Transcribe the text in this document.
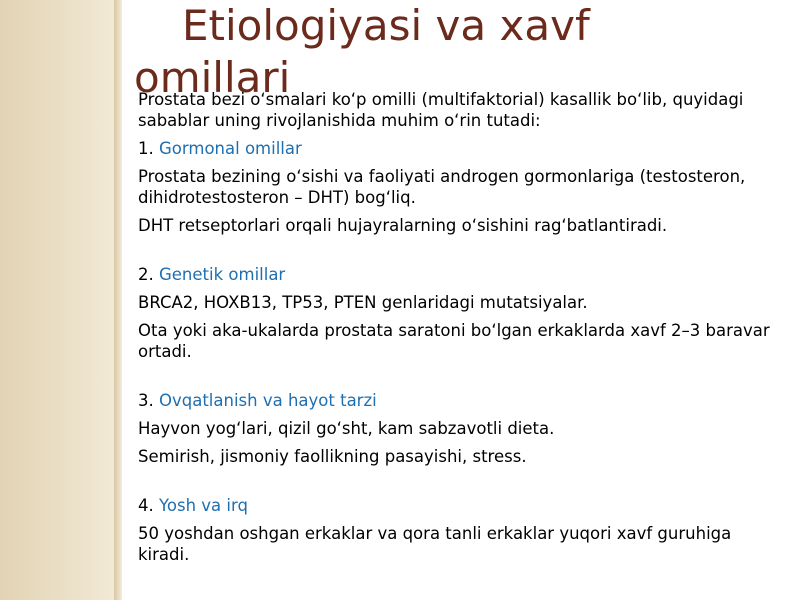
Etiologiyasi va xavf omillari

Prostata bezi o‘smalari ko‘p omilli (multifaktorial) kasallik bo‘lib, quyidagi sabablar uning rivojlanishida muhim o‘rin tutadi:

1. Gormonal omillar

Prostata bezining o‘sishi va faoliyati androgen gormonlariga (testosteron, dihidrotestosteron – DHT) bog‘liq.

DHT retseptorlari orqali hujayralarning o‘sishini rag‘batlantiradi.

2. Genetik omillar

BRCA2, HOXB13, TP53, PTEN genlaridagi mutatsiyalar.

Ota yoki aka-ukalarda prostata saratoni bo‘lgan erkaklarda xavf 2–3 baravar ortadi.

3. Ovqatlanish va hayot tarzi

Hayvon yog‘lari, qizil go‘sht, kam sabzavotli dieta.

Semirish, jismoniy faollikning pasayishi, stress.

4. Yosh va irq

50 yoshdan oshgan erkaklar va qora tanli erkaklar yuqori xavf guruhiga kiradi.
